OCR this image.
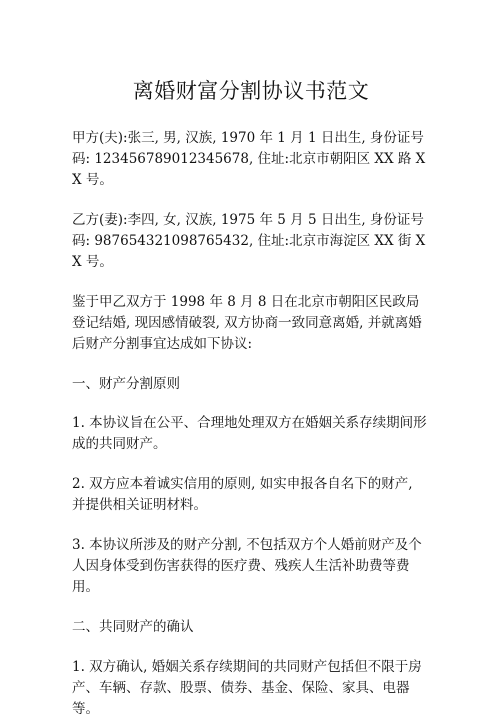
离婚财富分割协议书范文

甲方(夫):张三, 男, 汉族, 1970 年 1 月 1 日出生, 身份证号码: 123456789012345678, 住址:北京市朝阳区 XX 路 XX 号。

乙方(妻):李四, 女, 汉族, 1975 年 5 月 5 日出生, 身份证号码: 987654321098765432, 住址:北京市海淀区 XX 街 XX 号。

鉴于甲乙双方于 1998 年 8 月 8 日在北京市朝阳区民政局登记结婚, 现因感情破裂, 双方协商一致同意离婚, 并就离婚后财产分割事宜达成如下协议:

一、财产分割原则

1. 本协议旨在公平、合理地处理双方在婚姻关系存续期间形成的共同财产。

2. 双方应本着诚实信用的原则, 如实申报各自名下的财产, 并提供相关证明材料。

3. 本协议所涉及的财产分割, 不包括双方个人婚前财产及个人因身体受到伤害获得的医疗费、残疾人生活补助费等费用。

二、共同财产的确认

1. 双方确认, 婚姻关系存续期间的共同财产包括但不限于房产、车辆、存款、股票、债券、基金、保险、家具、电器等。
